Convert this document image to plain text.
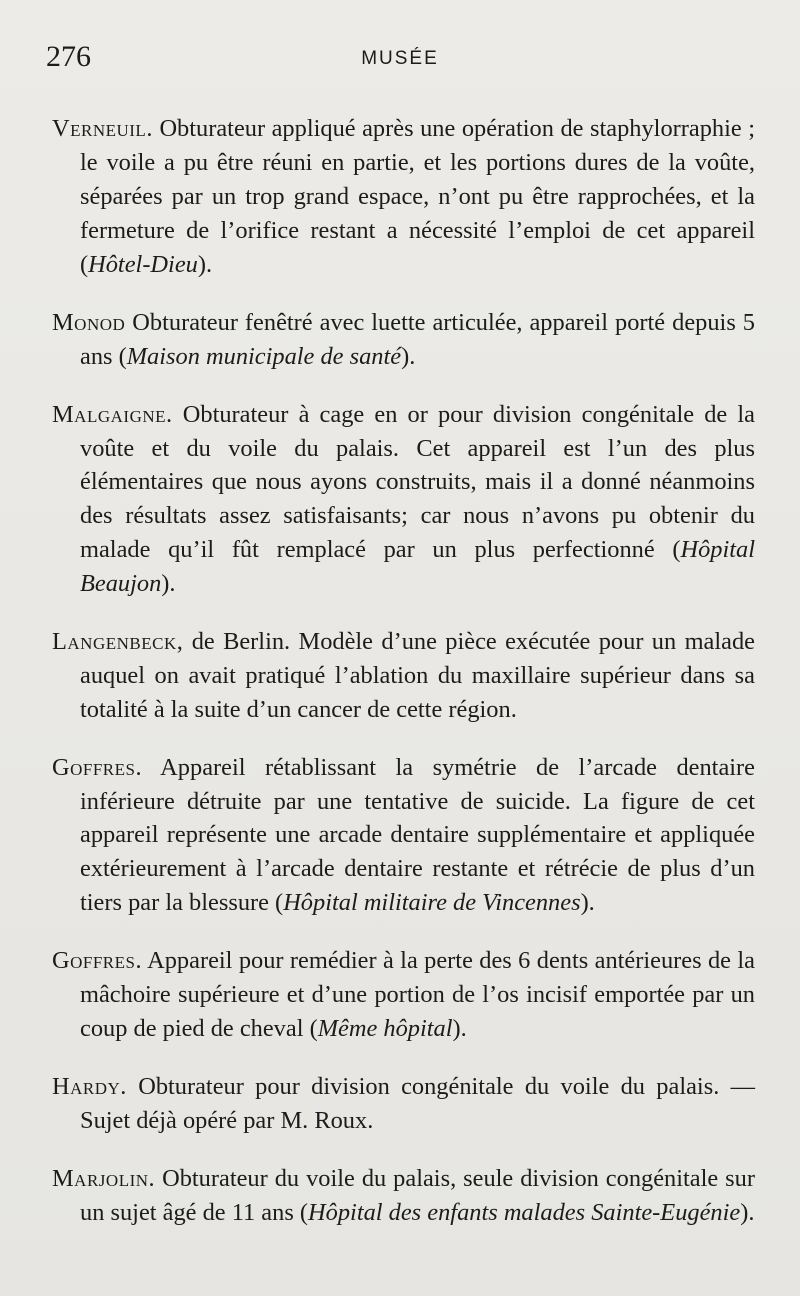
276	MUSÉE

Verneuil. Obturateur appliqué après une opération de staphylorraphie ; le voile a pu être réuni en partie, et les portions dures de la voûte, séparées par un trop grand espace, n’ont pu être rapprochées, et la fermeture de l’orifice restant a nécessité l’emploi de cet appareil (Hôtel-Dieu).

Monod Obturateur fenêtré avec luette articulée, appareil porté depuis 5 ans (Maison municipale de santé).

Malgaigne. Obturateur à cage en or pour division congénitale de la voûte et du voile du palais. Cet appareil est l’un des plus élémentaires que nous ayons construits, mais il a donné néanmoins des résultats assez satisfaisants; car nous n’avons pu obtenir du malade qu’il fût remplacé par un plus perfectionné (Hôpital Beaujon).

Langenbeck, de Berlin. Modèle d’une pièce exécutée pour un malade auquel on avait pratiqué l’ablation du maxillaire supérieur dans sa totalité à la suite d’un cancer de cette région.

Goffres. Appareil rétablissant la symétrie de l’arcade dentaire inférieure détruite par une tentative de suicide. La figure de cet appareil représente une arcade dentaire supplémentaire et appliquée extérieurement à l’arcade dentaire restante et rétrécie de plus d’un tiers par la blessure (Hôpital militaire de Vincennes).

Goffres. Appareil pour remédier à la perte des 6 dents antérieures de la mâchoire supérieure et d’une portion de l’os incisif emportée par un coup de pied de cheval (Même hôpital).

Hardy. Obturateur pour division congénitale du voile du palais. — Sujet déjà opéré par M. Roux.

Marjolin. Obturateur du voile du palais, seule division congénitale sur un sujet âgé de 11 ans (Hôpital des enfants malades Sainte-Eugénie).
